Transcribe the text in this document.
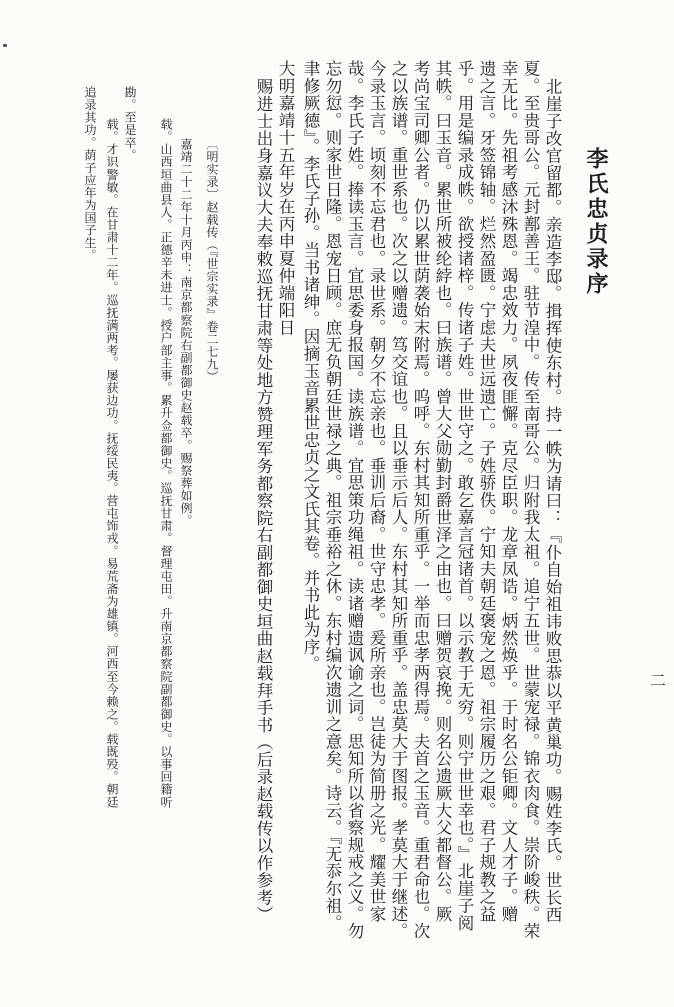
李氏忠贞录序
北崖子改官留都。亲造李邸。揖挥使东村。持一帙为请曰：『仆自始祖讳败思恭以平黄巢功。赐姓李氏。世长西
夏。至贵哥公。元封鄯善王。驻节湟中。传至南哥公。归附我太祖。追宁五世。世蒙宠禄。锦衣肉食。崇阶峻秩。荣
幸无比。先祖考感沐殊恩。竭忠效力。夙夜匪懈。克尽臣职。龙章凤诰。炳然焕乎。于时名公钜卿。文人才子。赠
遗之言。牙签锦轴。烂然盈匮。宁虑夫世远遗亡。子姓骄佚。宁知夫朝廷褒宠之恩。祖宗履历之艰。君子规教之益
乎。用是编录成帙。欲授诸梓。传诸子姓。世世守之。敢乞嘉言冠诸首。以示教于无穷。则宁世世幸也。』北崖子阅
其帙。曰玉音。累世所被纶綍也。曰族谱。曾大父勋勤封爵世泽之由也。曰赠贺哀挽。则名公遗厥大父都督公。厥
考尚宝司卿公者。仍以累世荫袭始末附焉。呜呼。东村其知所重乎。一举而忠孝两得焉。夫首之玉音。重君命也。次
之以族谱。重世系也。次之以赠遗。笃交谊也。且以垂示后人。东村其知所重乎。盖忠莫大于图报。孝莫大于继述。
今录玉言。顷刻不忘君也。录世系。朝夕不忘亲也。垂训后裔。世守忠孝。爰所亲也。岂徒为简册之光。耀美世家
哉。李氏子姓。捧读玉言。宜思委身报国。读族谱。宜思策功绳祖。读诸赠遗讽谕之词。思知所以省察规戒之义。勿
忘勿愆。则家世日隆。恩宠日顾。庶无负朝廷世禄之典。祖宗垂裕之休。东村编次遗训之意矣。诗云。『无忝尔祖。
聿修厥德』。李氏子孙。当书诸绅。因摘玉音累世忠贞之文氏其卷。并书此为序。
大明嘉靖十五年岁在丙申夏仲端阳日
赐进士出身嘉议大夫奉敕巡抚甘肃等处地方赞理军务都察院右副都御史垣曲赵载拜手书（后录赵载传以作参考）
〔明实录〕赵载传（『世宗实录』卷二七九）
嘉靖二十二年十月丙申：南京都察院右副都御史赵载卒。赐祭葬如例。
载。山西垣曲县人。正德辛未进士。授户部主事。累升佥都御史。巡抚甘肃。督理屯田。升南京都察院副都御史。以事回籍听
勘。至是卒。
载。才识警敏。在甘肃十二年。巡抚满两考。屡获边功。抚绥民夷。营屯饰戎。易荒斋为雄镇。河西至今赖之。载既殁。朝廷
追录其功。荫子应年为国子生。
二
